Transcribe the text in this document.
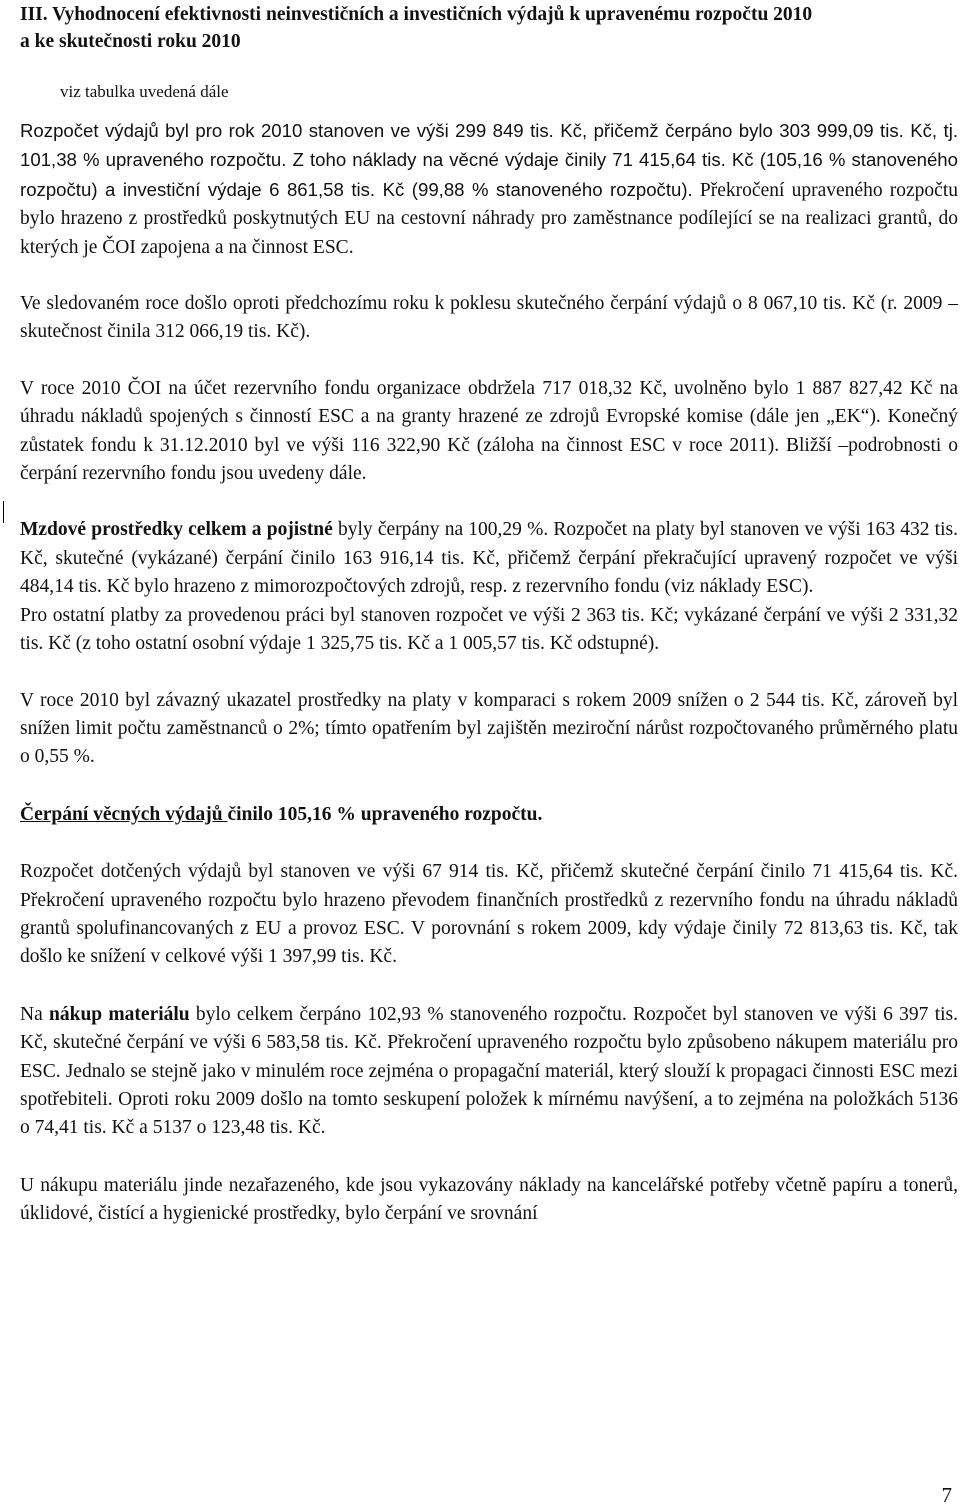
III. Vyhodnocení efektivnosti neinvestičních a investičních výdajů k upravenému rozpočtu 2010
a ke skutečnosti roku 2010
viz tabulka uvedená dále

Rozpočet výdajů byl pro rok 2010 stanoven ve výši 299 849 tis. Kč, přičemž čerpáno bylo 303 999,09 tis. Kč, tj. 101,38 % upraveného rozpočtu. Z toho náklady na věcné výdaje činily 71 415,64 tis. Kč (105,16 % stanoveného rozpočtu) a investiční výdaje 6 861,58 tis. Kč (99,88 % stanoveného rozpočtu). Překročení upraveného rozpočtu bylo hrazeno z prostředků poskytnutých EU na cestovní náhrady pro zaměstnance podílející se na realizaci grantů, do kterých je ČOI zapojena a na činnost ESC.

Ve sledovaném roce došlo oproti předchozímu roku k poklesu skutečného čerpání výdajů o 8 067,10 tis. Kč (r. 2009 – skutečnost činila 312 066,19 tis. Kč).

V roce 2010 ČOI na účet rezervního fondu organizace obdržela 717 018,32 Kč, uvolněno bylo 1 887 827,42 Kč na úhradu nákladů spojených s činností ESC a na granty hrazené ze zdrojů Evropské komise (dále jen „EK“). Konečný zůstatek fondu k 31.12.2010 byl ve výši 116 322,90 Kč (záloha na činnost ESC v roce 2011). Bližší –podrobnosti o čerpání rezervního fondu jsou uvedeny dále.

Mzdové prostředky celkem a pojistné byly čerpány na 100,29 %. Rozpočet na platy byl stanoven ve výši 163 432 tis. Kč, skutečné (vykázané) čerpání činilo 163 916,14 tis. Kč, přičemž čerpání překračující upravený rozpočet ve výši 484,14 tis. Kč bylo hrazeno z mimorozpočtových zdrojů, resp. z rezervního fondu (viz náklady ESC).

Pro ostatní platby za provedenou práci byl stanoven rozpočet ve výši 2 363 tis. Kč; vykázané čerpání ve výši 2 331,32 tis. Kč (z toho ostatní osobní výdaje 1 325,75 tis. Kč a 1 005,57 tis. Kč odstupné).

V roce 2010 byl závazný ukazatel prostředky na platy v komparaci s rokem 2009 snížen o 2 544 tis. Kč, zároveň byl snížen limit počtu zaměstnanců o 2%; tímto opatřením byl zajištěn meziroční nárůst rozpočtovaného průměrného platu o 0,55 %.

Čerpání věcných výdajů činilo 105,16 % upraveného rozpočtu.

Rozpočet dotčených výdajů byl stanoven ve výši 67 914 tis. Kč, přičemž skutečné čerpání činilo 71 415,64 tis. Kč. Překročení upraveného rozpočtu bylo hrazeno převodem finančních prostředků z rezervního fondu na úhradu nákladů grantů spolufinancovaných z EU a provoz ESC. V porovnání s rokem 2009, kdy výdaje činily 72 813,63 tis. Kč, tak došlo ke snížení v celkové výši 1 397,99 tis. Kč.

Na nákup materiálu bylo celkem čerpáno 102,93 % stanoveného rozpočtu. Rozpočet byl stanoven ve výši 6 397 tis. Kč, skutečné čerpání ve výši 6 583,58 tis. Kč. Překročení upraveného rozpočtu bylo způsobeno nákupem materiálu pro ESC. Jednalo se stejně jako v minulém roce zejména o propagační materiál, který slouží k propagaci činnosti ESC mezi spotřebiteli. Oproti roku 2009 došlo na tomto seskupení položek k mírnému navýšení, a to zejména na položkách 5136 o 74,41 tis. Kč a 5137 o 123,48 tis. Kč.

U nákupu materiálu jinde nezařazeného, kde jsou vykazovány náklady na kancelářské potřeby včetně papíru a tonerů, úklidové, čistící a hygienické prostředky, bylo čerpání ve srovnání

7
